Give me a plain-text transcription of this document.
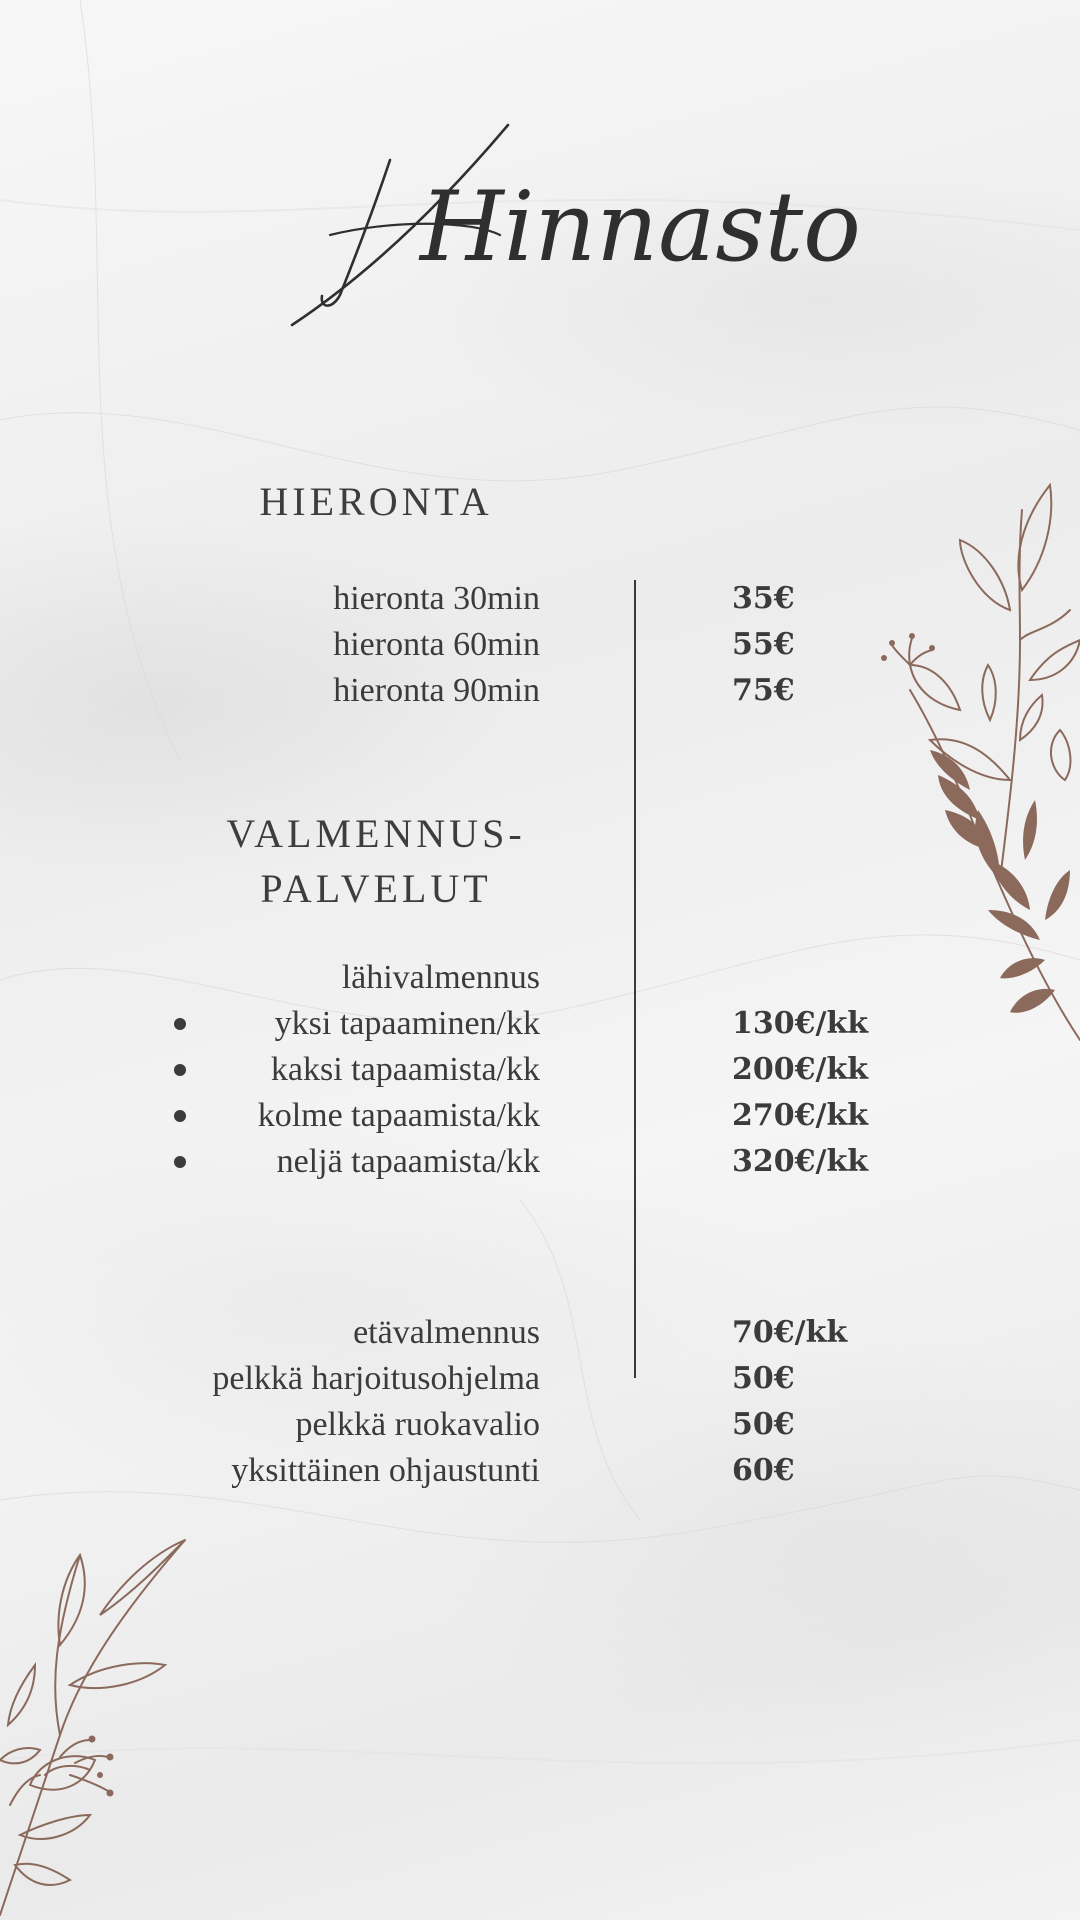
Hinnasto
HIERONTA
hieronta 30min	35€
hieronta 60min	55€
hieronta 90min	75€
VALMENNUS-
PALVELUT
lähivalmennus
yksi tapaaminen/kk	130€/kk
kaksi tapaamista/kk	200€/kk
kolme tapaamista/kk	270€/kk
neljä tapaamista/kk	320€/kk
etävalmennus	70€/kk
pelkkä harjoitusohjelma	50€
pelkkä ruokavalio	50€
yksittäinen ohjaustunti	60€
